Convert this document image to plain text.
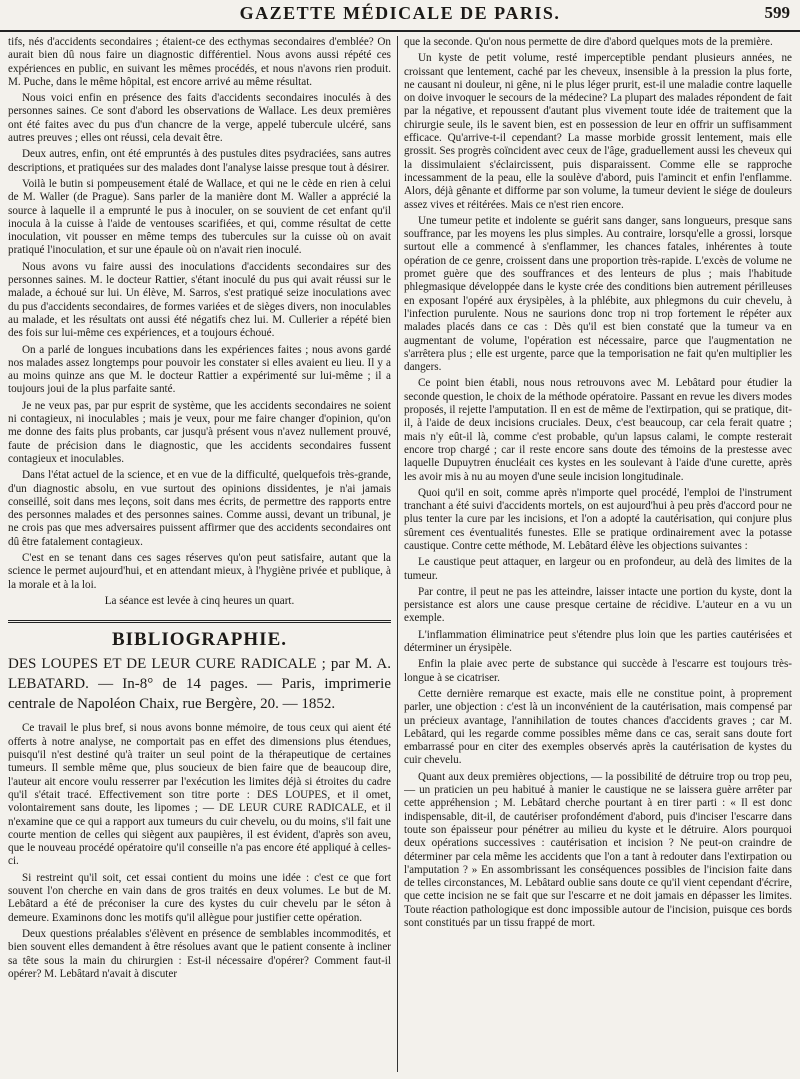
GAZETTE MÉDICALE DE PARIS.	599

tifs, nés d'accidents secondaires ; étaient-ce des ecthymas secondaires d'emblée? On aurait bien dû nous faire un diagnostic différentiel. Nous avons aussi répété ces expériences en public, en suivant les mêmes procédés, et nous n'avons rien produit. M. Puche, dans le même hôpital, est encore arrivé au même résultat.

Nous voici enfin en présence des faits d'accidents secondaires inoculés à des personnes saines. Ce sont d'abord les observations de Wallace. Les deux premières ont été faites avec du pus d'un chancre de la verge, appelé tubercule ulcéré, sans autres preuves ; elles ont réussi, cela devait être.

Deux autres, enfin, ont été empruntés à des pustules dites psydraciées, sans autres descriptions, et pratiquées sur des malades dont l'analyse laisse presque tout à désirer.

Voilà le butin si pompeusement étalé de Wallace, et qui ne le cède en rien à celui de M. Waller (de Prague). Sans parler de la manière dont M. Waller a apprécié la source à laquelle il a emprunté le pus à inoculer, on se souvient de cet enfant qu'il inocula à la cuisse à l'aide de ventouses scarifiées, et qui, comme résultat de cette inoculation, vit pousser en même temps des tubercules sur la cuisse où on avait pratiqué l'inoculation, et sur une épaule où on n'avait rien inoculé.

Nous avons vu faire aussi des inoculations d'accidents secondaires sur des personnes saines. M. le docteur Rattier, s'étant inoculé du pus qui avait réussi sur le malade, a échoué sur lui. Un élève, M. Sarros, s'est pratiqué seize inoculations avec du pus d'accidents secondaires, de formes variées et de sièges divers, non inoculables au malade, et les résultats ont aussi été négatifs chez lui. M. Cullerier a répété bien des fois sur lui-même ces expériences, et a toujours échoué.

On a parlé de longues incubations dans les expériences faites ; nous avons gardé nos malades assez longtemps pour pouvoir les constater si elles avaient eu lieu. Il y a au moins quinze ans que M. le docteur Rattier a expérimenté sur lui-même ; il a toujours joui de la plus parfaite santé.

Je ne veux pas, par pur esprit de système, que les accidents secondaires ne soient ni contagieux, ni inoculables ; mais je veux, pour me faire changer d'opinion, qu'on me donne des faits plus probants, car jusqu'à présent vous n'avez nullement prouvé, faute de précision dans le diagnostic, que les accidents secondaires fussent contagieux et inoculables.

Dans l'état actuel de la science, et en vue de la difficulté, quelquefois très-grande, d'un diagnostic absolu, en vue surtout des opinions dissidentes, je n'ai jamais conseillé, soit dans mes leçons, soit dans mes écrits, de permettre des rapports entre des personnes malades et des personnes saines. Comme aussi, devant un tribunal, je ne crois pas que mes adversaires puissent affirmer que des accidents secondaires ont dû être fatalement contagieux.

C'est en se tenant dans ces sages réserves qu'on peut satisfaire, autant que la science le permet aujourd'hui, et en attendant mieux, à l'hygiène privée et publique, à la morale et à la loi.

La séance est levée à cinq heures un quart.

BIBLIOGRAPHIE.

DES LOUPES ET DE LEUR CURE RADICALE ; par M. A. LEBATARD. — In-8° de 14 pages. — Paris, imprimerie centrale de Napoléon Chaix, rue Bergère, 20. — 1852.

Ce travail le plus bref, si nous avons bonne mémoire, de tous ceux qui aient été offerts à notre analyse, ne comportait pas en effet des dimensions plus étendues, puisqu'il n'est destiné qu'à traiter un seul point de la thérapeutique de certaines tumeurs. Il semble même que, plus soucieux de bien faire que de beaucoup dire, l'auteur ait encore voulu resserrer par l'exécution les limites déjà si étroites du cadre qu'il s'était tracé. Effectivement son titre porte : DES LOUPES, et il omet, volontairement sans doute, les lipomes ; — DE LEUR CURE RADICALE, et il n'examine que ce qui a rapport aux tumeurs du cuir chevelu, ou du moins, s'il fait une courte mention de celles qui siègent aux paupières, il est évident, d'après son aveu, que le nouveau procédé opératoire qu'il conseille n'a pas encore été appliqué à celles-ci.

Si restreint qu'il soit, cet essai contient du moins une idée : c'est ce que fort souvent l'on cherche en vain dans de gros traités en deux volumes. Le but de M. Lebâtard a été de préconiser la cure des kystes du cuir chevelu par le séton à demeure. Examinons donc les motifs qu'il allègue pour justifier cette opération.

Deux questions préalables s'élèvent en présence de semblables incommodités, et bien souvent elles demandent à être résolues avant que le patient consente à incliner sa tête sous la main du chirurgien : Est-il nécessaire d'opérer? Comment faut-il opérer? M. Lebâtard n'avait à discuter

que la seconde. Qu'on nous permette de dire d'abord quelques mots de la première.

Un kyste de petit volume, resté imperceptible pendant plusieurs années, ne croissant que lentement, caché par les cheveux, insensible à la pression la plus forte, ne causant ni douleur, ni gêne, ni le plus léger prurit, est-il une maladie contre laquelle on doive invoquer le secours de la médecine? La plupart des malades répondent de fait par la négative, et repoussent d'autant plus vivement toute idée de traitement que la chirurgie seule, ils le savent bien, est en possession de leur en offrir un suffisamment efficace. Qu'arrive-t-il cependant? La masse morbide grossit lentement, mais elle grossit. Ses progrès coïncident avec ceux de l'âge, graduellement aussi les cheveux qui la dissimulaient s'éclaircissent, puis disparaissent. Comme elle se rapproche incessamment de la peau, elle la soulève d'abord, puis l'amincit et enfin l'enflamme. Alors, déjà gênante et difforme par son volume, la tumeur devient le siége de douleurs assez vives et réitérées. Mais ce n'est rien encore.

Une tumeur petite et indolente se guérit sans danger, sans longueurs, presque sans souffrance, par les moyens les plus simples. Au contraire, lorsqu'elle a grossi, lorsque surtout elle a commencé à s'enflammer, les chances fatales, inhérentes à toute opération de ce genre, croissent dans une proportion très-rapide. L'excès de volume ne promet guère que des souffrances et des lenteurs de plus ; mais l'habitude phlegmasique développée dans le kyste crée des conditions bien autrement périlleuses en exposant l'opéré aux érysipèles, à la phlébite, aux phlegmons du cuir chevelu, à l'infection purulente. Nous ne saurions donc trop ni trop fortement le répéter aux malades placés dans ce cas : Dès qu'il est bien constaté que la tumeur va en augmentant de volume, l'opération est nécessaire, parce que l'augmentation ne s'arrêtera plus ; elle est urgente, parce que la temporisation ne fait qu'en multiplier les dangers.

Ce point bien établi, nous nous retrouvons avec M. Lebâtard pour étudier la seconde question, le choix de la méthode opératoire. Passant en revue les divers modes proposés, il rejette l'amputation. Il en est de même de l'extirpation, qui se pratique, dit-il, à l'aide de deux incisions cruciales. Deux, c'est beaucoup, car cela ferait quatre ; mais n'y eût-il là, comme c'est probable, qu'un lapsus calami, le compte resterait encore trop chargé ; car il reste encore sans doute des témoins de la prestesse avec laquelle Dupuytren énucléait ces kystes en les soulevant à l'aide d'une curette, après les avoir mis à nu au moyen d'une seule incision longitudinale.

Quoi qu'il en soit, comme après n'importe quel procédé, l'emploi de l'instrument tranchant a été suivi d'accidents mortels, on est aujourd'hui à peu près d'accord pour ne plus tenter la cure par les incisions, et l'on a adopté la cautérisation, qui conjure plus sûrement ces éventualités funestes. Elle se pratique ordinairement avec la potasse caustique. Contre cette méthode, M. Lebâtard élève les objections suivantes :

Le caustique peut attaquer, en largeur ou en profondeur, au delà des limites de la tumeur.

Par contre, il peut ne pas les atteindre, laisser intacte une portion du kyste, dont la persistance est alors une cause presque certaine de récidive. L'auteur en a vu un exemple.

L'inflammation éliminatrice peut s'étendre plus loin que les parties cautérisées et déterminer un érysipèle.

Enfin la plaie avec perte de substance qui succède à l'escarre est toujours très-longue à se cicatriser.

Cette dernière remarque est exacte, mais elle ne constitue point, à proprement parler, une objection : c'est là un inconvénient de la cautérisation, mais compensé par un précieux avantage, l'annihilation de toutes chances d'accidents graves ; car M. Lebâtard, qui les regarde comme possibles même dans ce cas, serait sans doute fort embarrassé pour en citer des exemples observés après la cautérisation de kystes du cuir chevelu.

Quant aux deux premières objections, — la possibilité de détruire trop ou trop peu, — un praticien un peu habitué à manier le caustique ne se laissera guère arrêter par cette appréhension ; M. Lebâtard cherche pourtant à en tirer parti : « Il est donc indispensable, dit-il, de cautériser profondément d'abord, puis d'inciser l'escarre dans toute son épaisseur pour pénétrer au milieu du kyste et le détruire. Alors pourquoi deux opérations successives : cautérisation et incision ? Ne peut-on craindre de déterminer par cela même les accidents que l'on a tant à redouter dans l'extirpation ou l'amputation ? » En assombrissant les conséquences possibles de l'incision faite dans de telles circonstances, M. Lebâtard oublie sans doute ce qu'il vient cependant d'écrire, que cette incision ne se fait que sur l'escarre et ne doit jamais en dépasser les limites. Toute réaction pathologique est donc impossible autour de l'incision, puisque ces bords sont constitués par un tissu frappé de mort.
